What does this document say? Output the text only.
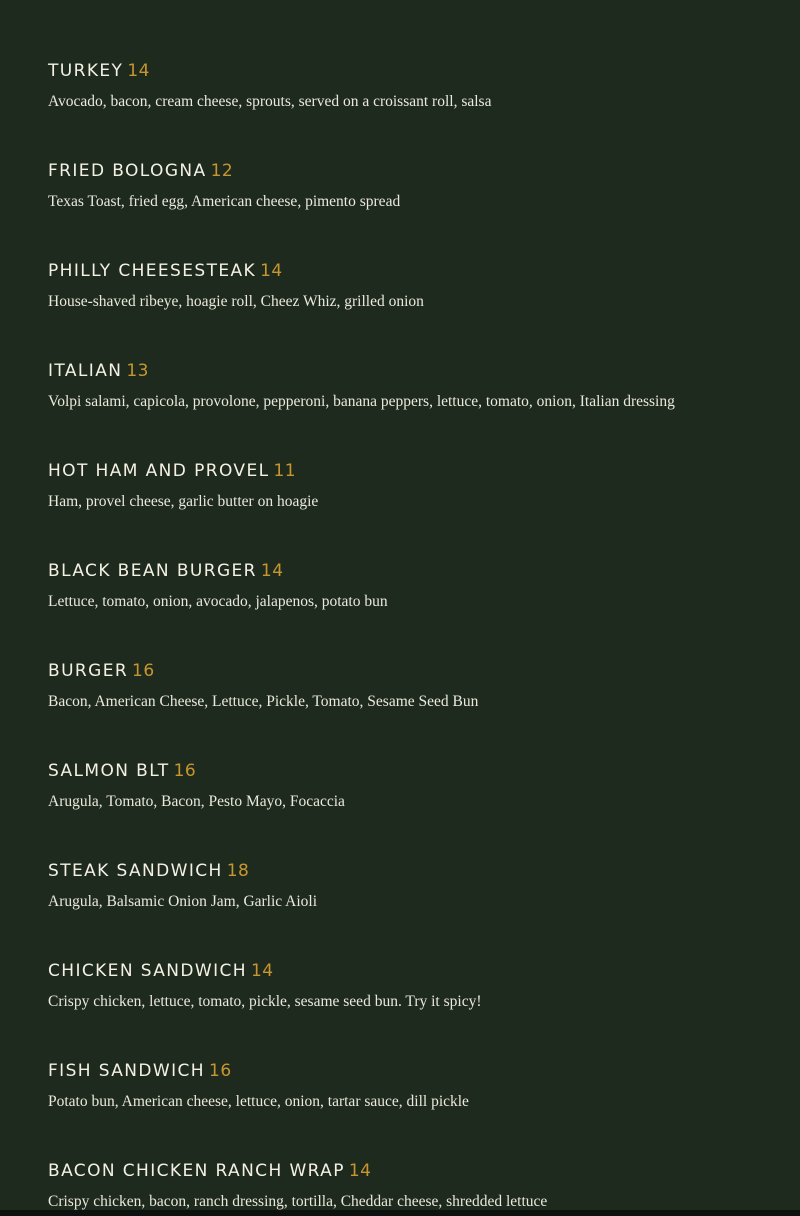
TURKEY 14
Avocado, bacon, cream cheese, sprouts, served on a croissant roll, salsa
FRIED BOLOGNA 12
Texas Toast, fried egg, American cheese, pimento spread
PHILLY CHEESESTEAK 14
House-shaved ribeye, hoagie roll, Cheez Whiz, grilled onion
ITALIAN 13
Volpi salami, capicola, provolone, pepperoni, banana peppers, lettuce, tomato, onion, Italian dressing
HOT HAM AND PROVEL 11
Ham, provel cheese, garlic butter on hoagie
BLACK BEAN BURGER 14
Lettuce, tomato, onion, avocado, jalapenos, potato bun
BURGER 16
Bacon, American Cheese, Lettuce, Pickle, Tomato, Sesame Seed Bun
SALMON BLT 16
Arugula, Tomato, Bacon, Pesto Mayo, Focaccia
STEAK SANDWICH 18
Arugula, Balsamic Onion Jam, Garlic Aioli
CHICKEN SANDWICH 14
Crispy chicken, lettuce, tomato, pickle, sesame seed bun. Try it spicy!
FISH SANDWICH 16
Potato bun, American cheese, lettuce, onion, tartar sauce, dill pickle
BACON CHICKEN RANCH WRAP 14
Crispy chicken, bacon, ranch dressing, tortilla, Cheddar cheese, shredded lettuce
